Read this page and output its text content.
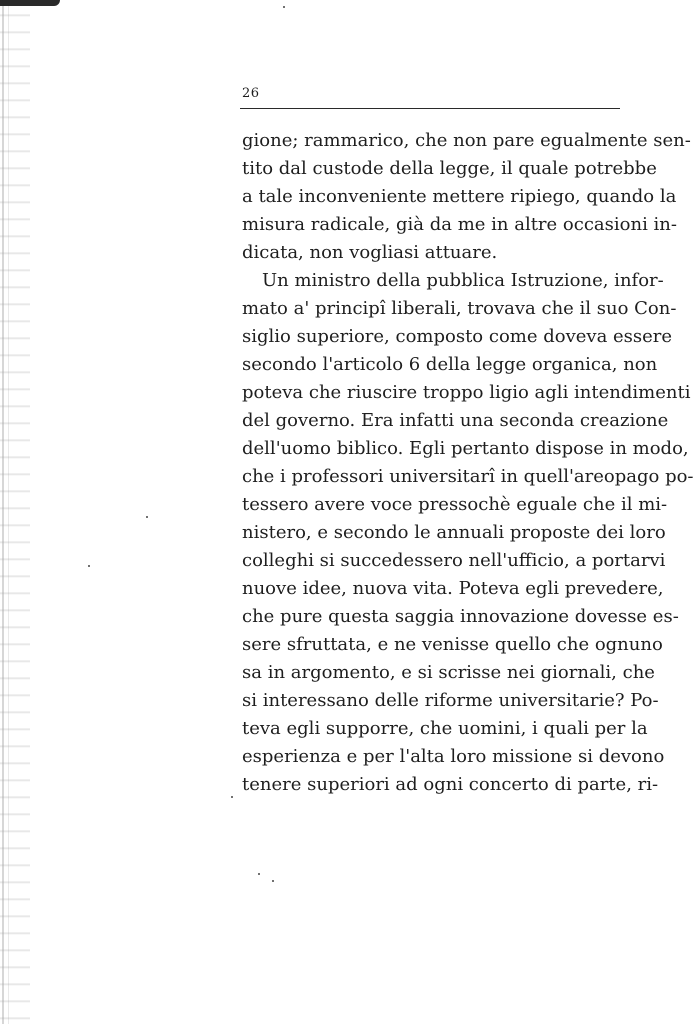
26
gione; rammarico, che non pare egualmente sen-
tito dal custode della legge, il quale potrebbe
a tale inconveniente mettere ripiego, quando la
misura radicale, già da me in altre occasioni in-
dicata, non vogliasi attuare.
Un ministro della pubblica Istruzione, infor-
mato a' principî liberali, trovava che il suo Con-
siglio superiore, composto come doveva essere
secondo l'articolo 6 della legge organica, non
poteva che riuscire troppo ligio agli intendimenti
del governo. Era infatti una seconda creazione
dell'uomo biblico. Egli pertanto dispose in modo,
che i professori universitarî in quell'areopago po-
tessero avere voce pressochè eguale che il mi-
nistero, e secondo le annuali proposte dei loro
colleghi si succedessero nell'ufficio, a portarvi
nuove idee, nuova vita. Poteva egli prevedere,
che pure questa saggia innovazione dovesse es-
sere sfruttata, e ne venisse quello che ognuno
sa in argomento, e si scrisse nei giornali, che
si interessano delle riforme universitarie? Po-
teva egli supporre, che uomini, i quali per la
esperienza e per l'alta loro missione si devono
tenere superiori ad ogni concerto di parte, ri-
